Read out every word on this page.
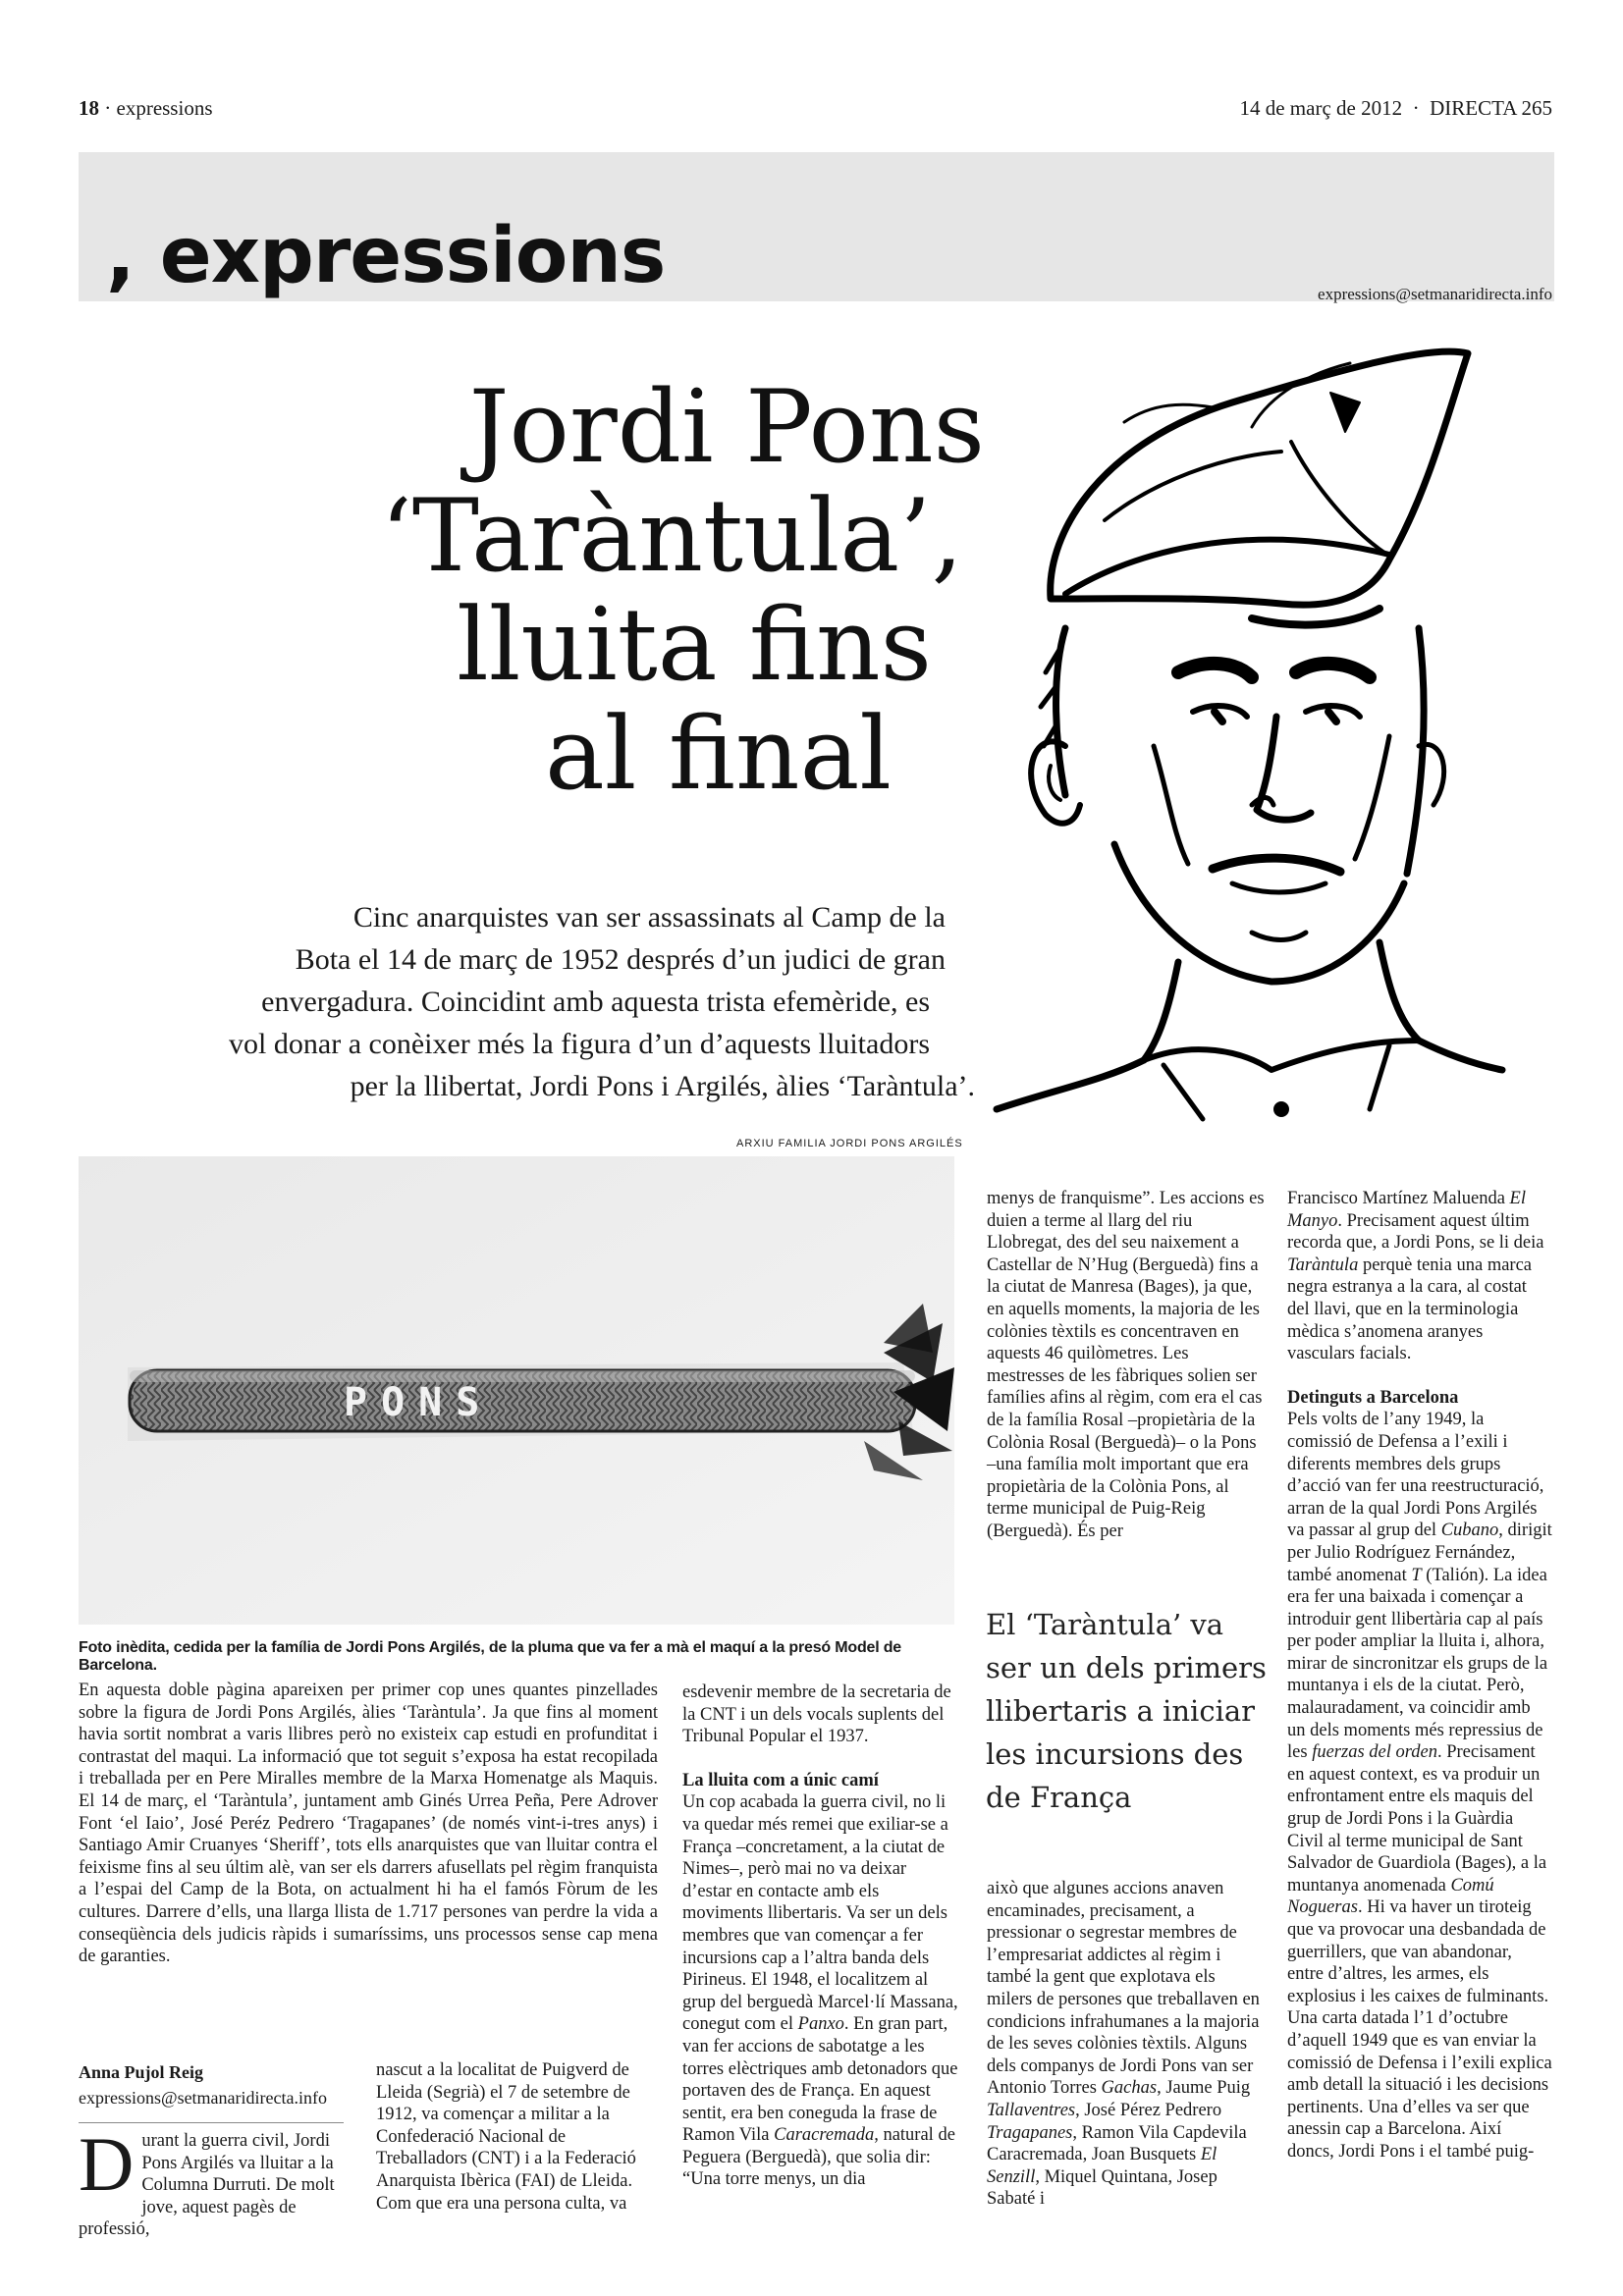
18 · expressions	14 de març de 2012  ·  DIRECTA 265
, expressions	expressions@setmanaridirecta.info
Jordi Pons
‘Taràntula’,
lluita fins
al final
Cinc anarquistes van ser assassinats al Camp de la
Bota el 14 de març de 1952 després d’un judici de gran
envergadura. Coincidint amb aquesta trista efemèride, es
vol donar a conèixer més la figura d’un d’aquests lluitadors
per la llibertat, Jordi Pons i Argilés, àlies ‘Taràntula’.
ARXIU FAMILIA JORDI PONS ARGILÉS
PONS
Foto inèdita, cedida per la família de Jordi Pons Argilés, de la pluma que va fer a mà el maquí a la presó Model de Barcelona.
En aquesta doble pàgina apareixen per primer cop unes quantes pinzellades sobre la figura de Jordi Pons Argilés, àlies ‘Taràntula’. Ja que fins al moment havia sortit nombrat a varis llibres però no existeix cap estudi en profunditat i contrastat del maqui. La informació que tot seguit s’exposa ha estat recopilada i treballada per en Pere Miralles membre de la Marxa Homenatge als Maquis. El 14 de març, el ‘Taràntula’, juntament amb Ginés Urrea Peña, Pere Adrover Font ‘el Iaio’, José Peréz Pedrero ‘Tragapanes’ (de només vint-i-tres anys) i Santiago Amir Cruanyes ‘Sheriff’, tots ells anarquistes que van lluitar contra el feixisme fins al seu últim alè, van ser els darrers afusellats pel règim franquista a l’espai del Camp de la Bota, on actualment hi ha el famós Fòrum de les cultures. Darrere d’ells, una llarga llista de 1.717 persones van perdre la vida a conseqüència dels judicis ràpids i sumaríssims, uns processos sense cap mena de garanties.
Anna Pujol Reig
expressions@setmanaridirecta.info
Durant la guerra civil, Jordi Pons Argilés va lluitar a la Columna Durruti. De molt jove, aquest pagès de professió,
nascut a la localitat de Puigverd de Lleida (Segrià) el 7 de setembre de 1912, va començar a militar a la Confederació Nacional de Treballadors (CNT) i a la Federació Anarquista Ibèrica (FAI) de Lleida. Com que era una persona culta, va

esdevenir membre de la secretaria de la CNT i un dels vocals suplents del Tribunal Popular el 1937.

La lluita com a únic camí

Un cop acabada la guerra civil, no li va quedar més remei que exiliar-se a França –concretament, a la ciutat de Nimes–, però mai no va deixar d’estar en contacte amb els moviments llibertaris. Va ser un dels membres que van començar a fer incursions cap a l’altra banda dels Pirineus. El 1948, el localitzem al grup del berguedà Marcel·lí Massana, conegut com el Panxo. En gran part, van fer accions de sabotatge a les torres elèctriques amb detonadors que portaven des de França. En aquest sentit, era ben coneguda la frase de Ramon Vila Caracremada, natural de Peguera (Berguedà), que solia dir: “Una torre menys, un dia

menys de franquisme”. Les accions es duien a terme al llarg del riu Llobregat, des del seu naixement a Castellar de N’Hug (Berguedà) fins a la ciutat de Manresa (Bages), ja que, en aquells moments, la majoria de les colònies tèxtils es concentraven en aquests 46 quilòmetres. Les mestresses de les fàbriques solien ser famílies afins al règim, com era el cas de la família Rosal –propietària de la Colònia Rosal (Berguedà)– o la Pons –una família molt important que era propietària de la Colònia Pons, al terme municipal de Puig-Reig (Berguedà). És per

El ‘Taràntula’ va ser un dels primers llibertaris a iniciar les incursions des de França

això que algunes accions anaven encaminades, precisament, a pressionar o segrestar membres de l’empresariat addictes al règim i també la gent que explotava els milers de persones que treballaven en condicions infrahumanes a la majoria de les seves colònies tèxtils. Alguns dels companys de Jordi Pons van ser Antonio Torres Gachas, Jaume Puig Tallaventres, José Pérez Pedrero Tragapanes, Ramon Vila Capdevila Caracremada, Joan Busquets El Senzill, Miquel Quintana, Josep Sabaté i

Francisco Martínez Maluenda El Manyo. Precisament aquest últim recorda que, a Jordi Pons, se li deia Taràntula perquè tenia una marca negra estranya a la cara, al costat del llavi, que en la terminologia mèdica s’anomena aranyes vasculars facials.

Detinguts a Barcelona

Pels volts de l’any 1949, la comissió de Defensa a l’exili i diferents membres dels grups d’acció van fer una reestructuració, arran de la qual Jordi Pons Argilés va passar al grup del Cubano, dirigit per Julio Rodríguez Fernández, també anomenat T (Talión). La idea era fer una baixada i començar a introduir gent llibertària cap al país per poder ampliar la lluita i, alhora, mirar de sincronitzar els grups de la muntanya i els de la ciutat. Però, malauradament, va coincidir amb un dels moments més repressius de les fuerzas del orden. Precisament en aquest context, es va produir un enfrontament entre els maquis del grup de Jordi Pons i la Guàrdia Civil al terme municipal de Sant Salvador de Guardiola (Bages), a la muntanya anomenada Comú Nogueras. Hi va haver un tiroteig que va provocar una desbandada de guerrillers, que van abandonar, entre d’altres, les armes, els explosius i les caixes de fulminants. Una carta datada l’1 d’octubre d’aquell 1949 que es van enviar la comissió de Defensa i l’exili explica amb detall la situació i les decisions pertinents. Una d’elles va ser que anessin cap a Barcelona. Així doncs, Jordi Pons i el també puig-
